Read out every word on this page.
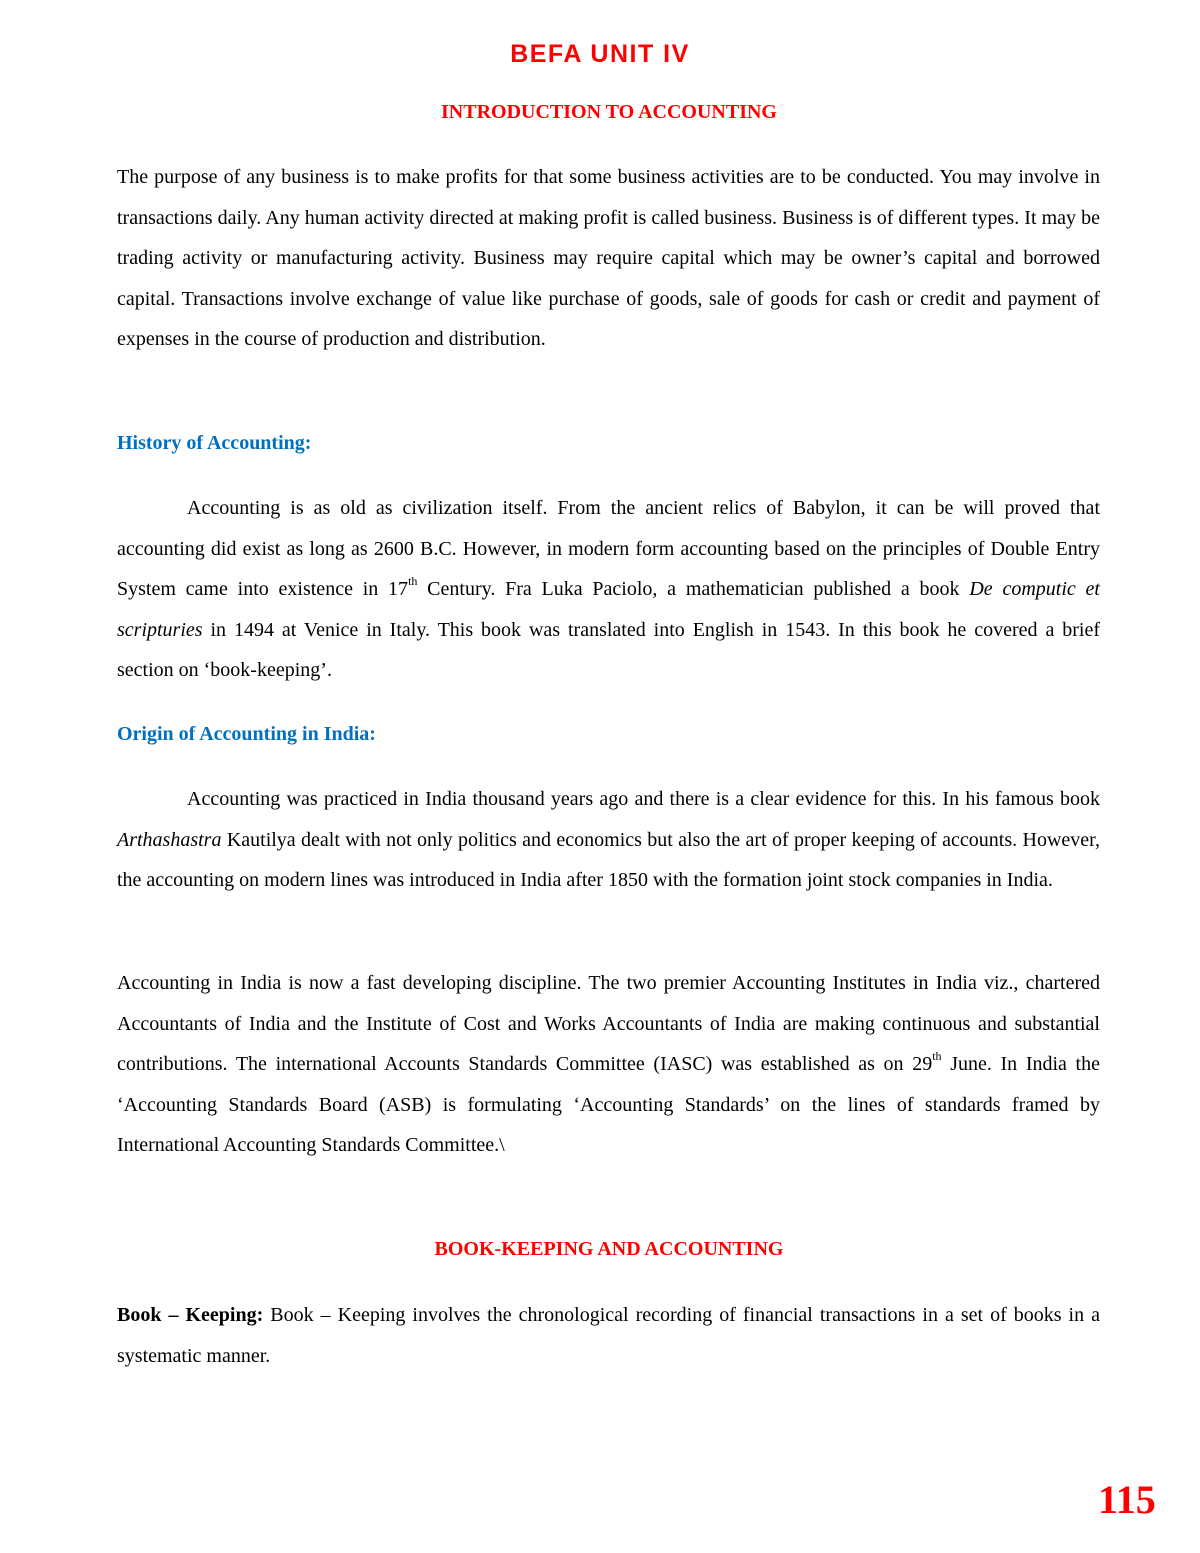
BEFA UNIT IV
INTRODUCTION TO ACCOUNTING

The purpose of any business is to make profits for that some business activities are to be conducted. You may involve in transactions daily. Any human activity directed at making profit is called business. Business is of different types. It may be trading activity or manufacturing activity. Business may require capital which may be owner’s capital and borrowed capital. Transactions involve exchange of value like purchase of goods, sale of goods for cash or credit and payment of expenses in the course of production and distribution.

History of Accounting:

Accounting is as old as civilization itself. From the ancient relics of Babylon, it can be will proved that accounting did exist as long as 2600 B.C. However, in modern form accounting based on the principles of Double Entry System came into existence in 17th Century. Fra Luka Paciolo, a mathematician published a book De computic et scripturies in 1494 at Venice in Italy. This book was translated into English in 1543. In this book he covered a brief section on ‘book-keeping’.

Origin of Accounting in India:

Accounting was practiced in India thousand years ago and there is a clear evidence for this. In his famous book Arthashastra Kautilya dealt with not only politics and economics but also the art of proper keeping of accounts. However, the accounting on modern lines was introduced in India after 1850 with the formation joint stock companies in India.

Accounting in India is now a fast developing discipline. The two premier Accounting Institutes in India viz., chartered Accountants of India and the Institute of Cost and Works Accountants of India are making continuous and substantial contributions. The international Accounts Standards Committee (IASC) was established as on 29th June. In India the ‘Accounting Standards Board (ASB) is formulating ‘Accounting Standards’ on the lines of standards framed by International Accounting Standards Committee.\

BOOK-KEEPING AND ACCOUNTING

Book – Keeping: Book – Keeping involves the chronological recording of financial transactions in a set of books in a systematic manner.

115
